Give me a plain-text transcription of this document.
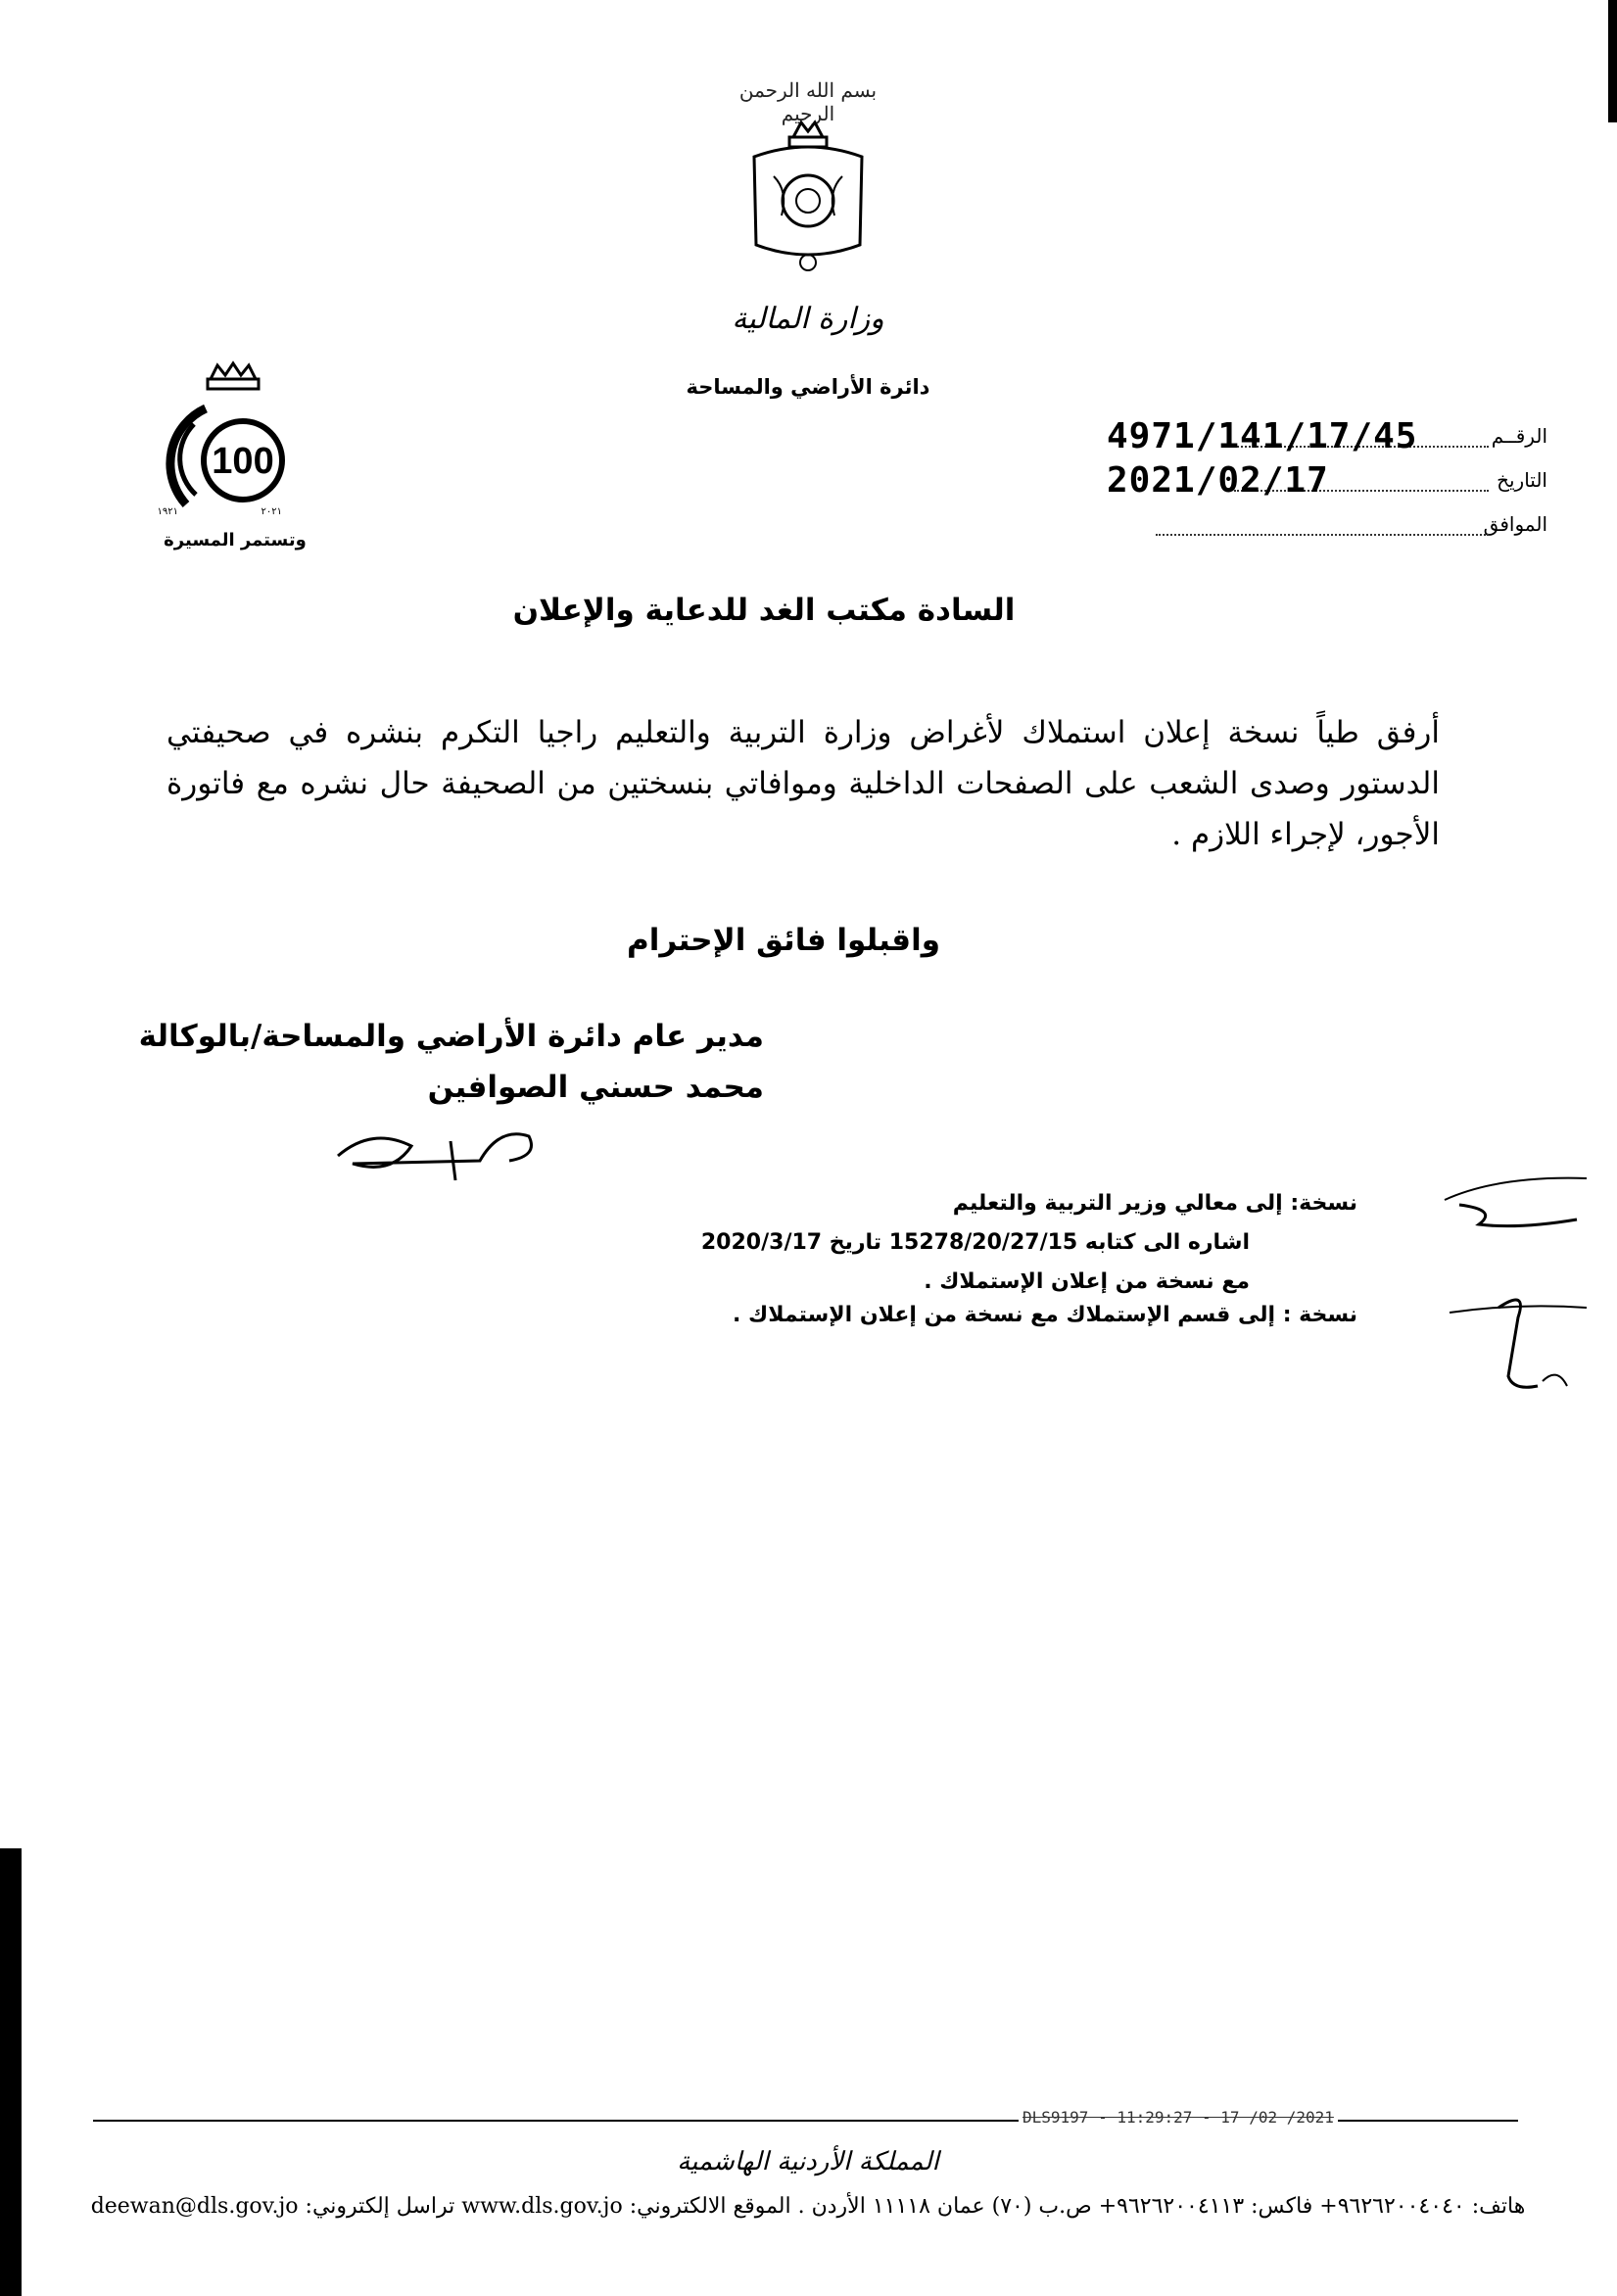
بسم الله الرحمن الرحيم
وزارة المالية
دائرة الأراضي والمساحة
100
١٩٢١	٢٠٢١
وتستمر المسيرة
الرقــم
4971/141/17/45
التاريخ
2021/02/17
الموافق
السادة مكتب الغد للدعاية والإعلان
أرفق طياً نسخة إعلان استملاك لأغراض وزارة التربية والتعليم راجيا التكرم بنشره في صحيفتي الدستور وصدى الشعب على الصفحات الداخلية وموافاتي بنسختين من الصحيفة حال نشره مع فاتورة الأجور، لإجراء اللازم .
واقبلوا فائق الإحترام
مدير عام دائرة الأراضي والمساحة/بالوكالة
محمد حسني الصوافين
نسخة: إلى معالي وزير التربية والتعليم
اشاره الى كتابه 15278/20/27/15 تاريخ 2020/3/17
مع نسخة من إعلان الإستملاك .
نسخة : إلى قسم الإستملاك مع نسخة من إعلان الإستملاك .
DLS9197 - 11:29:27 - 17 /02 /2021
المملكة الأردنية الهاشمية
هاتف: ٩٦٢٦٢٠٠٤٠٤٠+ فاكس: ٩٦٢٦٢٠٠٤١١٣+ ص.ب (٧٠) عمان ١١١١٨ الأردن . الموقع الالكتروني: www.dls.gov.jo تراسل إلكتروني: deewan@dls.gov.jo
